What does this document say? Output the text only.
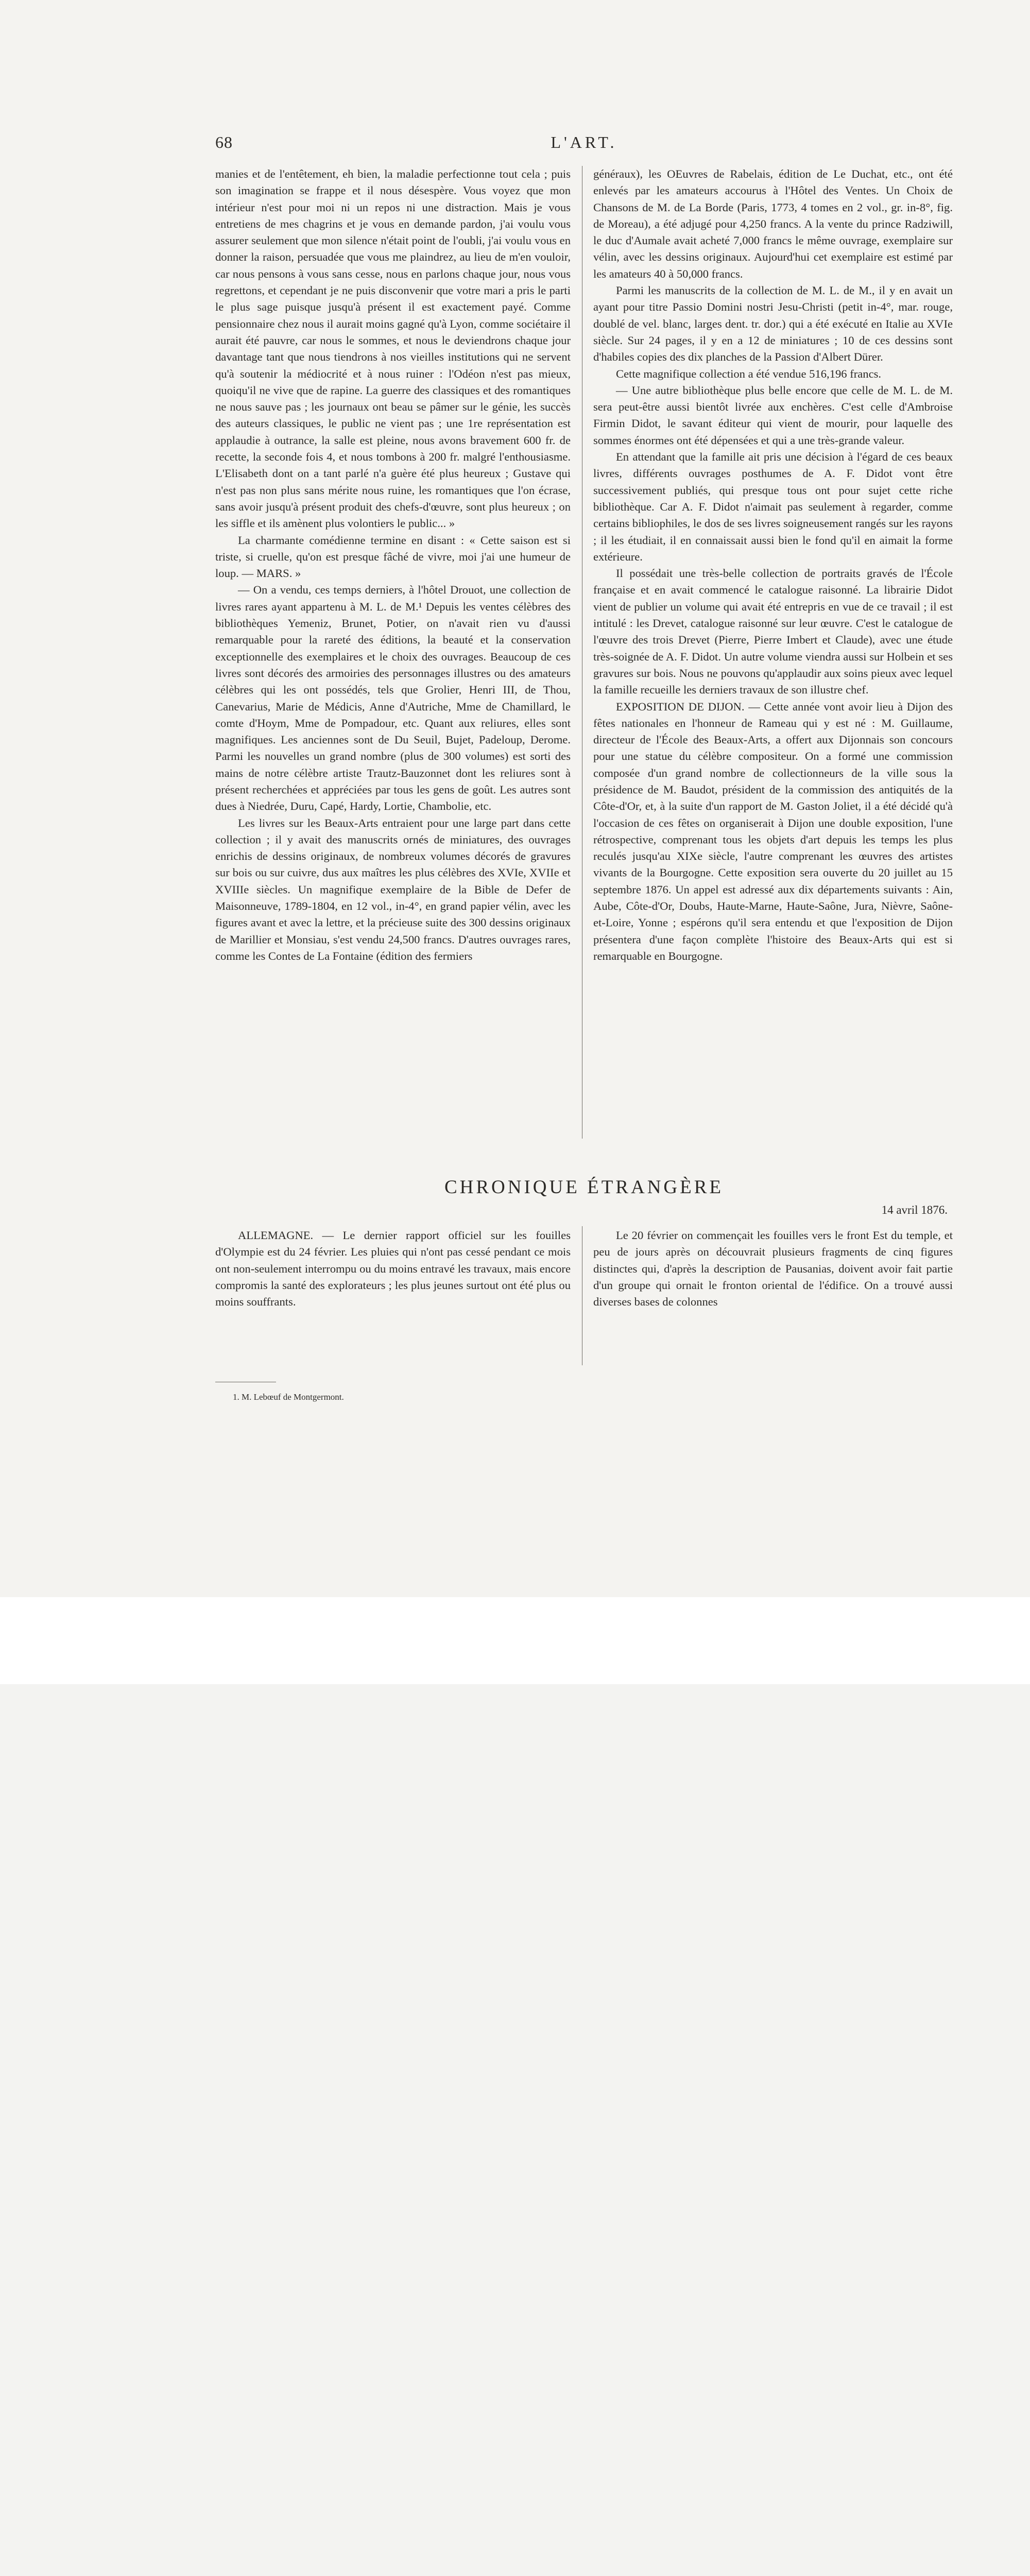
68	L'ART.

manies et de l'entêtement, eh bien, la maladie perfectionne tout cela ; puis son imagination se frappe et il nous désespère. Vous voyez que mon intérieur n'est pour moi ni un repos ni une distraction. Mais je vous entretiens de mes chagrins et je vous en demande pardon, j'ai voulu vous assurer seulement que mon silence n'était point de l'oubli, j'ai voulu vous en donner la raison, persuadée que vous me plaindrez, au lieu de m'en vouloir, car nous pensons à vous sans cesse, nous en parlons chaque jour, nous vous regrettons, et cependant je ne puis disconvenir que votre mari a pris le parti le plus sage puisque jusqu'à présent il est exactement payé. Comme pensionnaire chez nous il aurait moins gagné qu'à Lyon, comme sociétaire il aurait été pauvre, car nous le sommes, et nous le deviendrons chaque jour davantage tant que nous tiendrons à nos vieilles institutions qui ne servent qu'à soutenir la médiocrité et à nous ruiner : l'Odéon n'est pas mieux, quoiqu'il ne vive que de rapine. La guerre des classiques et des romantiques ne nous sauve pas ; les journaux ont beau se pâmer sur le génie, les succès des auteurs classiques, le public ne vient pas ; une 1re représentation est applaudie à outrance, la salle est pleine, nous avons bravement 600 fr. de recette, la seconde fois 4, et nous tombons à 200 fr. malgré l'enthousiasme. L'Elisabeth dont on a tant parlé n'a guère été plus heureux ; Gustave qui n'est pas non plus sans mérite nous ruine, les romantiques que l'on écrase, sans avoir jusqu'à présent produit des chefs-d'œuvre, sont plus heureux ; on les siffle et ils amènent plus volontiers le public... »

La charmante comédienne termine en disant : « Cette saison est si triste, si cruelle, qu'on est presque fâché de vivre, moi j'ai une humeur de loup. — MARS. »

— On a vendu, ces temps derniers, à l'hôtel Drouot, une collection de livres rares ayant appartenu à M. L. de M.¹ Depuis les ventes célèbres des bibliothèques Yemeniz, Brunet, Potier, on n'avait rien vu d'aussi remarquable pour la rareté des éditions, la beauté et la conservation exceptionnelle des exemplaires et le choix des ouvrages. Beaucoup de ces livres sont décorés des armoiries des personnages illustres ou des amateurs célèbres qui les ont possédés, tels que Grolier, Henri III, de Thou, Canevarius, Marie de Médicis, Anne d'Autriche, Mme de Chamillard, le comte d'Hoym, Mme de Pompadour, etc. Quant aux reliures, elles sont magnifiques. Les anciennes sont de Du Seuil, Bujet, Padeloup, Derome. Parmi les nouvelles un grand nombre (plus de 300 volumes) est sorti des mains de notre célèbre artiste Trautz-Bauzonnet dont les reliures sont à présent recherchées et appréciées par tous les gens de goût. Les autres sont dues à Niedrée, Duru, Capé, Hardy, Lortie, Chambolie, etc.

Les livres sur les Beaux-Arts entraient pour une large part dans cette collection ; il y avait des manuscrits ornés de miniatures, des ouvrages enrichis de dessins originaux, de nombreux volumes décorés de gravures sur bois ou sur cuivre, dus aux maîtres les plus célèbres des XVIe, XVIIe et XVIIIe siècles. Un magnifique exemplaire de la Bible de Defer de Maisonneuve, 1789-1804, en 12 vol., in-4°, en grand papier vélin, avec les figures avant et avec la lettre, et la précieuse suite des 300 dessins originaux de Marillier et Monsiau, s'est vendu 24,500 francs. D'autres ouvrages rares, comme les Contes de La Fontaine (édition des fermiers

généraux), les OEuvres de Rabelais, édition de Le Duchat, etc., ont été enlevés par les amateurs accourus à l'Hôtel des Ventes. Un Choix de Chansons de M. de La Borde (Paris, 1773, 4 tomes en 2 vol., gr. in-8°, fig. de Moreau), a été adjugé pour 4,250 francs. A la vente du prince Radziwill, le duc d'Aumale avait acheté 7,000 francs le même ouvrage, exemplaire sur vélin, avec les dessins originaux. Aujourd'hui cet exemplaire est estimé par les amateurs 40 à 50,000 francs.

Parmi les manuscrits de la collection de M. L. de M., il y en avait un ayant pour titre Passio Domini nostri Jesu-Christi (petit in-4°, mar. rouge, doublé de vel. blanc, larges dent. tr. dor.) qui a été exécuté en Italie au XVIe siècle. Sur 24 pages, il y en a 12 de miniatures ; 10 de ces dessins sont d'habiles copies des dix planches de la Passion d'Albert Dürer.

Cette magnifique collection a été vendue 516,196 francs.

— Une autre bibliothèque plus belle encore que celle de M. L. de M. sera peut-être aussi bientôt livrée aux enchères. C'est celle d'Ambroise Firmin Didot, le savant éditeur qui vient de mourir, pour laquelle des sommes énormes ont été dépensées et qui a une très-grande valeur.

En attendant que la famille ait pris une décision à l'égard de ces beaux livres, différents ouvrages posthumes de A. F. Didot vont être successivement publiés, qui presque tous ont pour sujet cette riche bibliothèque. Car A. F. Didot n'aimait pas seulement à regarder, comme certains bibliophiles, le dos de ses livres soigneusement rangés sur les rayons ; il les étudiait, il en connaissait aussi bien le fond qu'il en aimait la forme extérieure.

Il possédait une très-belle collection de portraits gravés de l'École française et en avait commencé le catalogue raisonné. La librairie Didot vient de publier un volume qui avait été entrepris en vue de ce travail ; il est intitulé : les Drevet, catalogue raisonné sur leur œuvre. C'est le catalogue de l'œuvre des trois Drevet (Pierre, Pierre Imbert et Claude), avec une étude très-soignée de A. F. Didot. Un autre volume viendra aussi sur Holbein et ses gravures sur bois. Nous ne pouvons qu'applaudir aux soins pieux avec lequel la famille recueille les derniers travaux de son illustre chef.

EXPOSITION DE DIJON. — Cette année vont avoir lieu à Dijon des fêtes nationales en l'honneur de Rameau qui y est né : M. Guillaume, directeur de l'École des Beaux-Arts, a offert aux Dijonnais son concours pour une statue du célèbre compositeur. On a formé une commission composée d'un grand nombre de collectionneurs de la ville sous la présidence de M. Baudot, président de la commission des antiquités de la Côte-d'Or, et, à la suite d'un rapport de M. Gaston Joliet, il a été décidé qu'à l'occasion de ces fêtes on organiserait à Dijon une double exposition, l'une rétrospective, comprenant tous les objets d'art depuis les temps les plus reculés jusqu'au XIXe siècle, l'autre comprenant les œuvres des artistes vivants de la Bourgogne. Cette exposition sera ouverte du 20 juillet au 15 septembre 1876. Un appel est adressé aux dix départements suivants : Ain, Aube, Côte-d'Or, Doubs, Haute-Marne, Haute-Saône, Jura, Nièvre, Saône-et-Loire, Yonne ; espérons qu'il sera entendu et que l'exposition de Dijon présentera d'une façon complète l'histoire des Beaux-Arts qui est si remarquable en Bourgogne.

CHRONIQUE ÉTRANGÈRE
14 avril 1876.

ALLEMAGNE. — Le dernier rapport officiel sur les fouilles d'Olympie est du 24 février. Les pluies qui n'ont pas cessé pendant ce mois ont non-seulement interrompu ou du moins entravé les travaux, mais encore compromis la santé des explorateurs ; les plus jeunes surtout ont été plus ou moins souffrants.

Le 20 février on commençait les fouilles vers le front Est du temple, et peu de jours après on découvrait plusieurs fragments de cinq figures distinctes qui, d'après la description de Pausanias, doivent avoir fait partie d'un groupe qui ornait le fronton oriental de l'édifice. On a trouvé aussi diverses bases de colonnes

1. M. Lebœuf de Montgermont.
